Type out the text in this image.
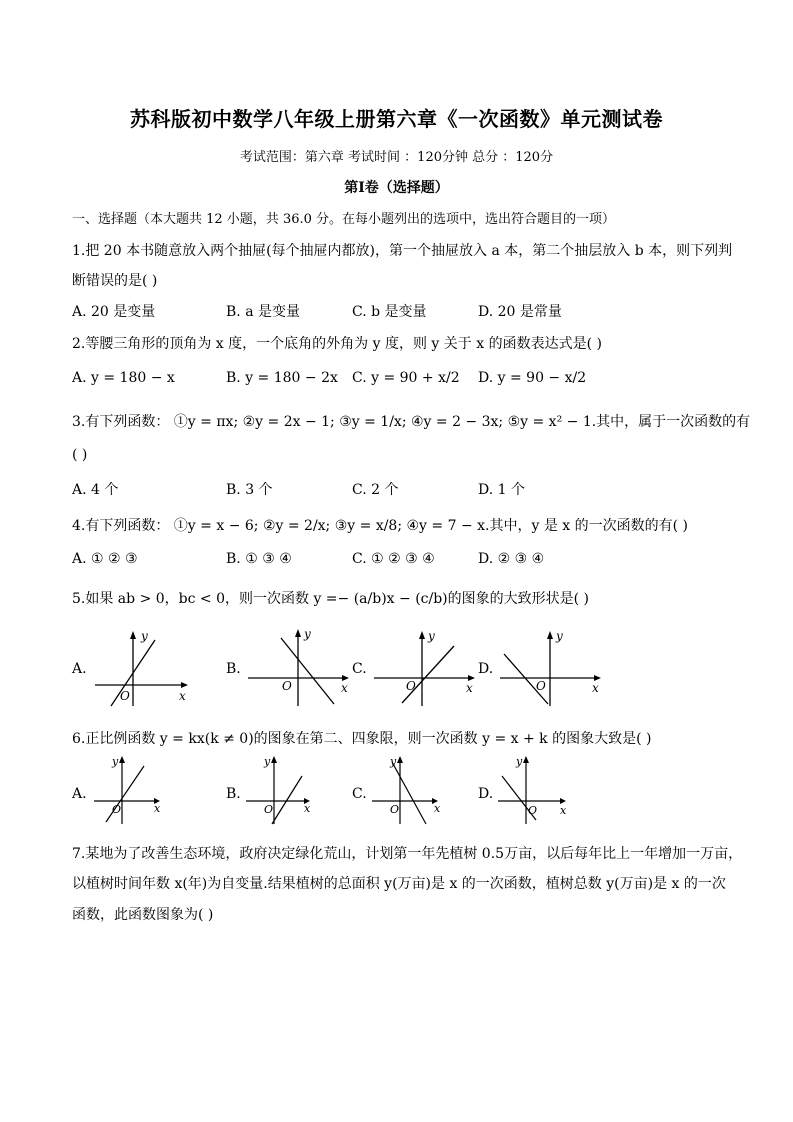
苏科版初中数学八年级上册第六章《一次函数》单元测试卷
考试范围：第六章 考试时间 ：120分钟 总分 ：120分
第Ⅰ卷（选择题）
一、选择题（本大题共 12 小题，共 36.0 分。在每小题列出的选项中，选出符合题目的一项）
1.把 20 本书随意放入两个抽屉(每个抽屉内都放)，第一个抽屉放入 a 本，第二个抽层放入 b 本，则下列判
断错误的是( )
A. 20 是变量	B. a 是变量	C. b 是变量	D. 20 是常量
2.等腰三角形的顶角为 x 度，一个底角的外角为 y 度，则 y 关于 x 的函数表达式是( )
A. y = 180 − x	B. y = 180 − 2x C. y = 90 + x/2 D. y = 90 − x/2
3.有下列函数： ①y = πx; ②y = 2x − 1; ③y = 1/x; ④y = 2 − 3x; ⑤y = x² − 1.其中，属于一次函数的有
( )
A. 4 个	B. 3 个	C. 2 个	D. 1 个
4.有下列函数： ①y = x − 6; ②y = 2/x; ③y = x/8; ④y = 7 − x.其中，y 是 x 的一次函数的有( )
A. ① ② ③	B. ① ③ ④	C. ① ② ③ ④	D. ② ③ ④
5.如果 ab > 0，bc < 0，则一次函数 y =− (a/b)x − (c/b)的图象的大致形状是( )
A.
y
x
O
B.
y
x
O
C.
y
x
O
D.
y
x
O
6.正比例函数 y = kx(k ≠ 0)的图象在第二、四象限，则一次函数 y = x + k 的图象大致是( )
A.
y
x
O
B.
y
x
O
C.
y
x
O
D.
y
x
O
7.某地为了改善生态环境，政府决定绿化荒山，计划第一年先植树 0.5万亩，以后每年比上一年增加一万亩，
以植树时间年数 x(年)为自变量.结果植树的总面积 y(万亩)是 x 的一次函数，植树总数 y(万亩)是 x 的一次
函数，此函数图象为( )
